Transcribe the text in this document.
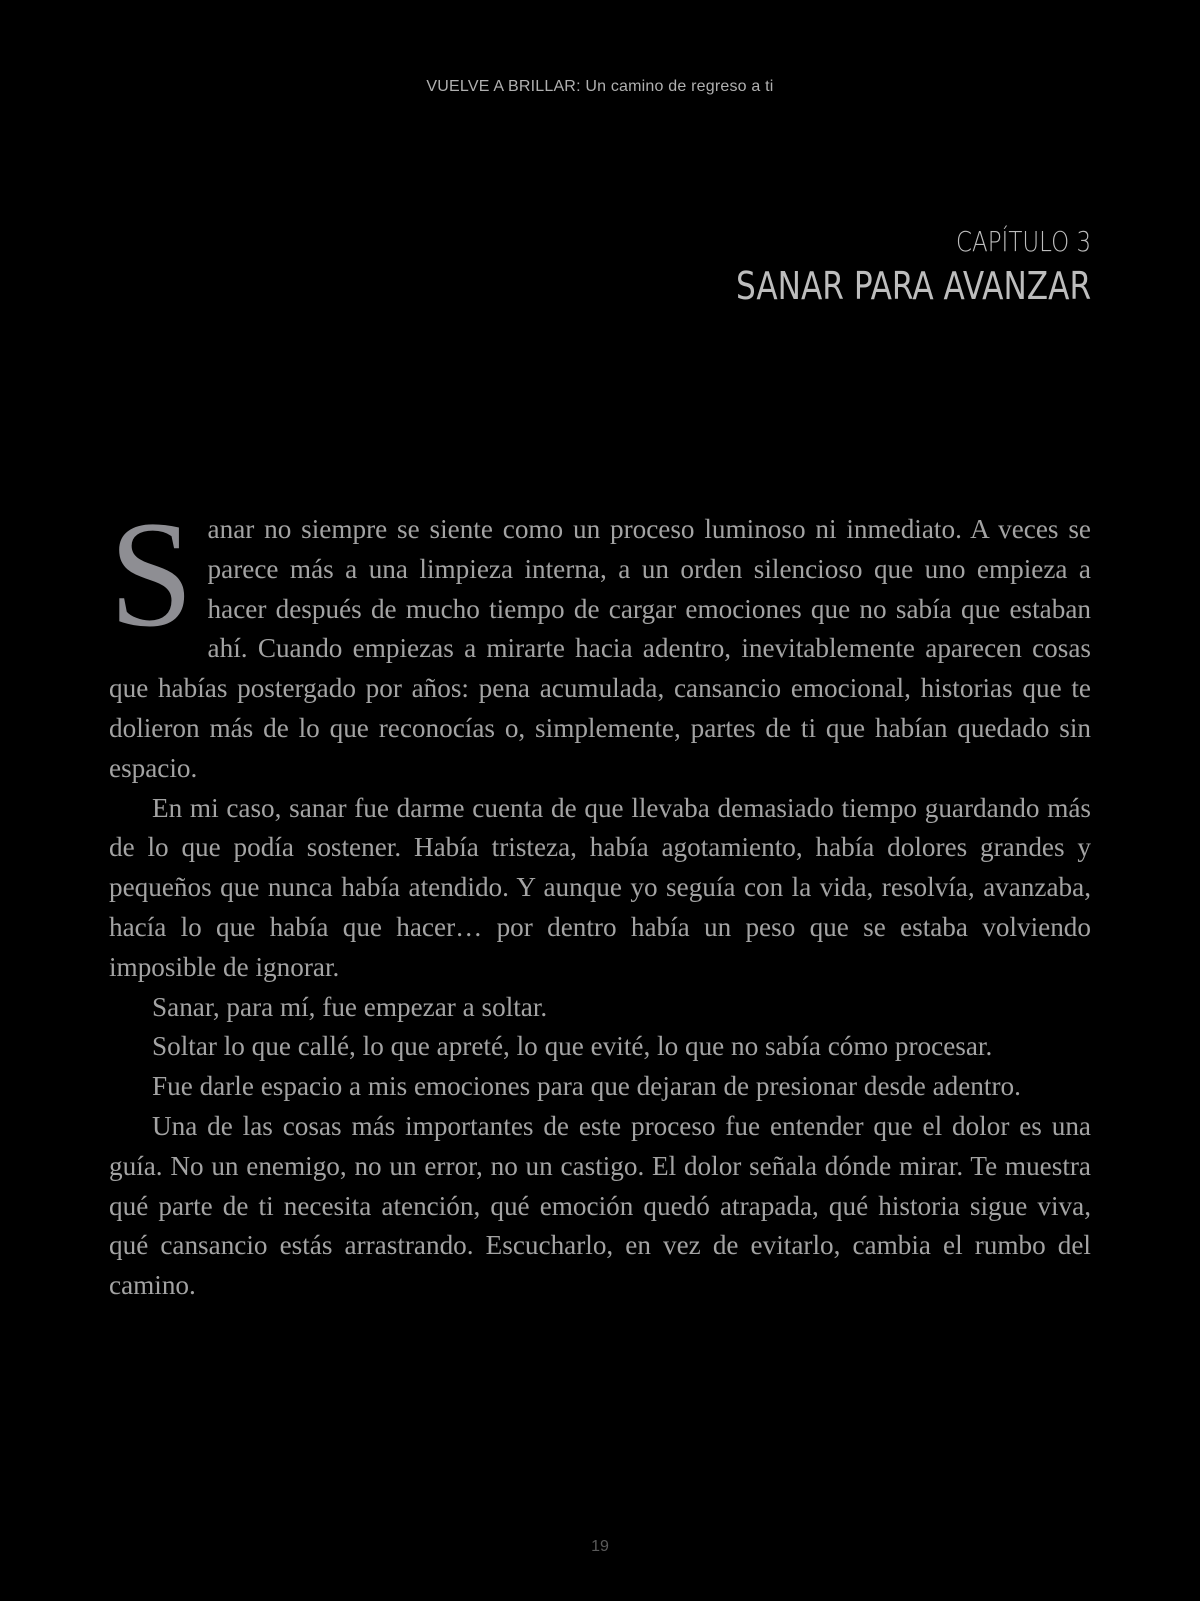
VUELVE A BRILLAR: Un camino de regreso a ti
CAPÍTULO 3
SANAR PARA AVANZAR

Sanar no siempre se siente como un proceso luminoso ni inmediato. A veces se parece más a una limpieza interna, a un orden silencioso que uno empieza a hacer después de mucho tiempo de cargar emociones que no sabía que estaban ahí. Cuando empiezas a mirarte hacia adentro, inevitablemente aparecen cosas que habías postergado por años: pena acumulada, cansancio emocional, historias que te dolieron más de lo que reconocías o, simplemente, partes de ti que habían quedado sin espacio.

En mi caso, sanar fue darme cuenta de que llevaba demasiado tiempo guardando más de lo que podía sostener. Había tristeza, había agotamiento, había dolores grandes y pequeños que nunca había atendido. Y aunque yo seguía con la vida, resolvía, avanzaba, hacía lo que había que hacer… por dentro había un peso que se estaba volviendo imposible de ignorar.

Sanar, para mí, fue empezar a soltar.

Soltar lo que callé, lo que apreté, lo que evité, lo que no sabía cómo procesar.

Fue darle espacio a mis emociones para que dejaran de presionar desde adentro.

Una de las cosas más importantes de este proceso fue entender que el dolor es una guía. No un enemigo, no un error, no un castigo. El dolor señala dónde mirar. Te muestra qué parte de ti necesita atención, qué emoción quedó atrapada, qué historia sigue viva, qué cansancio estás arrastrando. Escucharlo, en vez de evitarlo, cambia el rumbo del camino.

19
